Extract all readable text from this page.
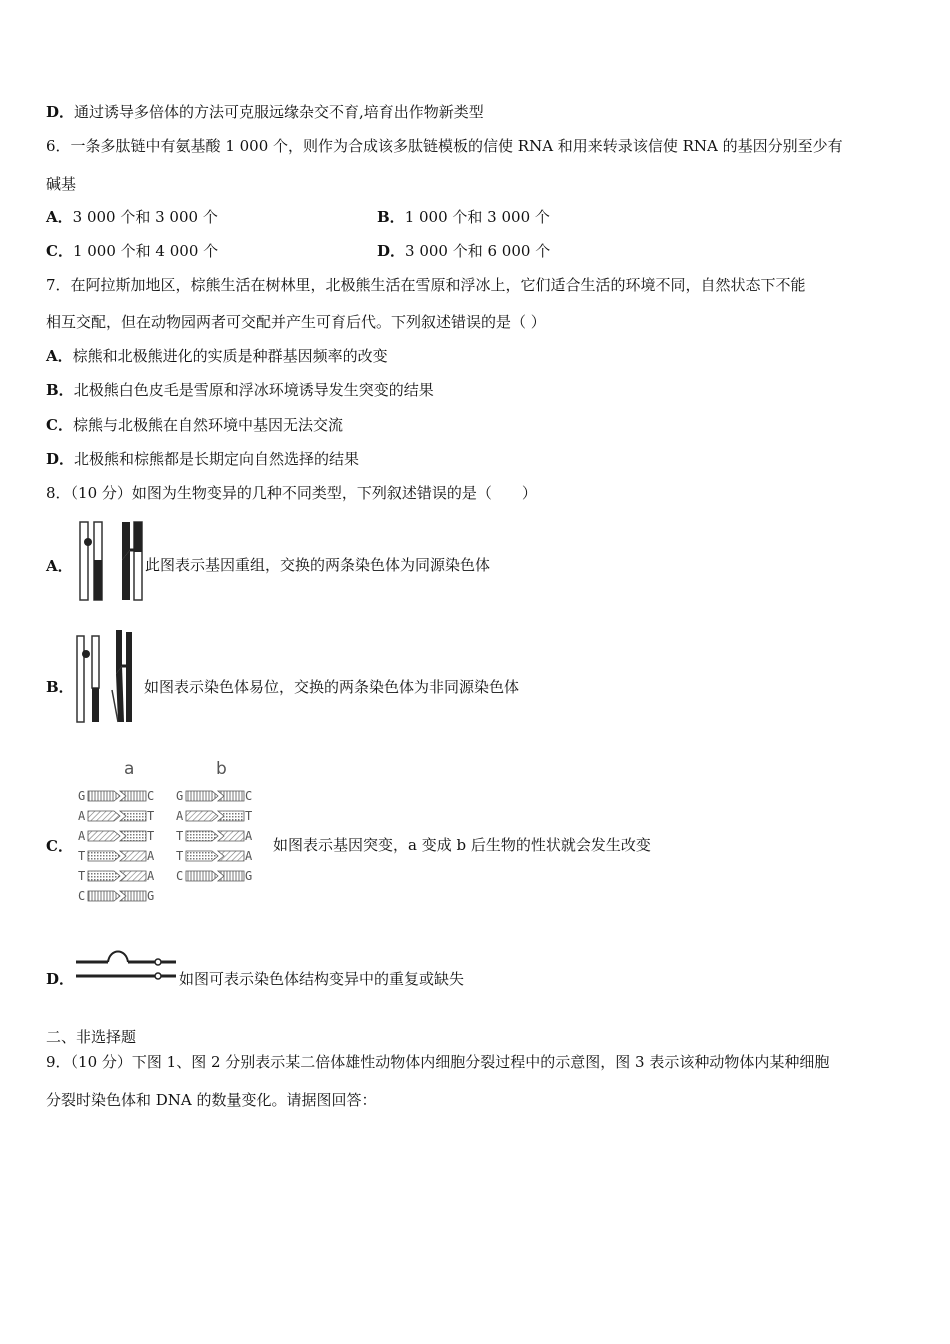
D．通过诱导多倍体的方法可克服远缘杂交不育,培育出作物新类型
6．一条多肽链中有氨基酸 1 000 个，则作为合成该多肽链模板的信使 RNA 和用来转录该信使 RNA 的基因分别至少有
碱基
A．3 000 个和 3 000 个	B．1 000 个和 3 000 个
C．1 000 个和 4 000 个	D．3 000 个和 6 000 个
7．在阿拉斯加地区，棕熊生活在树林里，北极熊生活在雪原和浮冰上，它们适合生活的环境不同，自然状态下不能
相互交配，但在动物园两者可交配并产生可育后代。下列叙述错误的是（ ）
A．棕熊和北极熊进化的实质是种群基因频率的改变
B．北极熊白色皮毛是雪原和浮冰环境诱导发生突变的结果
C．棕熊与北极熊在自然环境中基因无法交流
D．北极熊和棕熊都是长期定向自然选择的结果
8．（10 分）如图为生物变异的几种不同类型，下列叙述错误的是（　　）
A．	此图表示基因重组，交换的两条染色体为同源染色体
B．	如图表示染色体易位，交换的两条染色体为非同源染色体
C．
a	b
G	C
A	T
A	T
T	A
T	A
C	G
G	C
A	T
T	A
T	A
C	G
如图表示基因突变，a 变成 b 后生物的性状就会发生改变
D．	如图可表示染色体结构变异中的重复或缺失
二、非选择题
9．（10 分）下图 1、图 2 分别表示某二倍体雄性动物体内细胞分裂过程中的示意图，图 3 表示该种动物体内某种细胞
分裂时染色体和 DNA 的数量变化。请据图回答：
